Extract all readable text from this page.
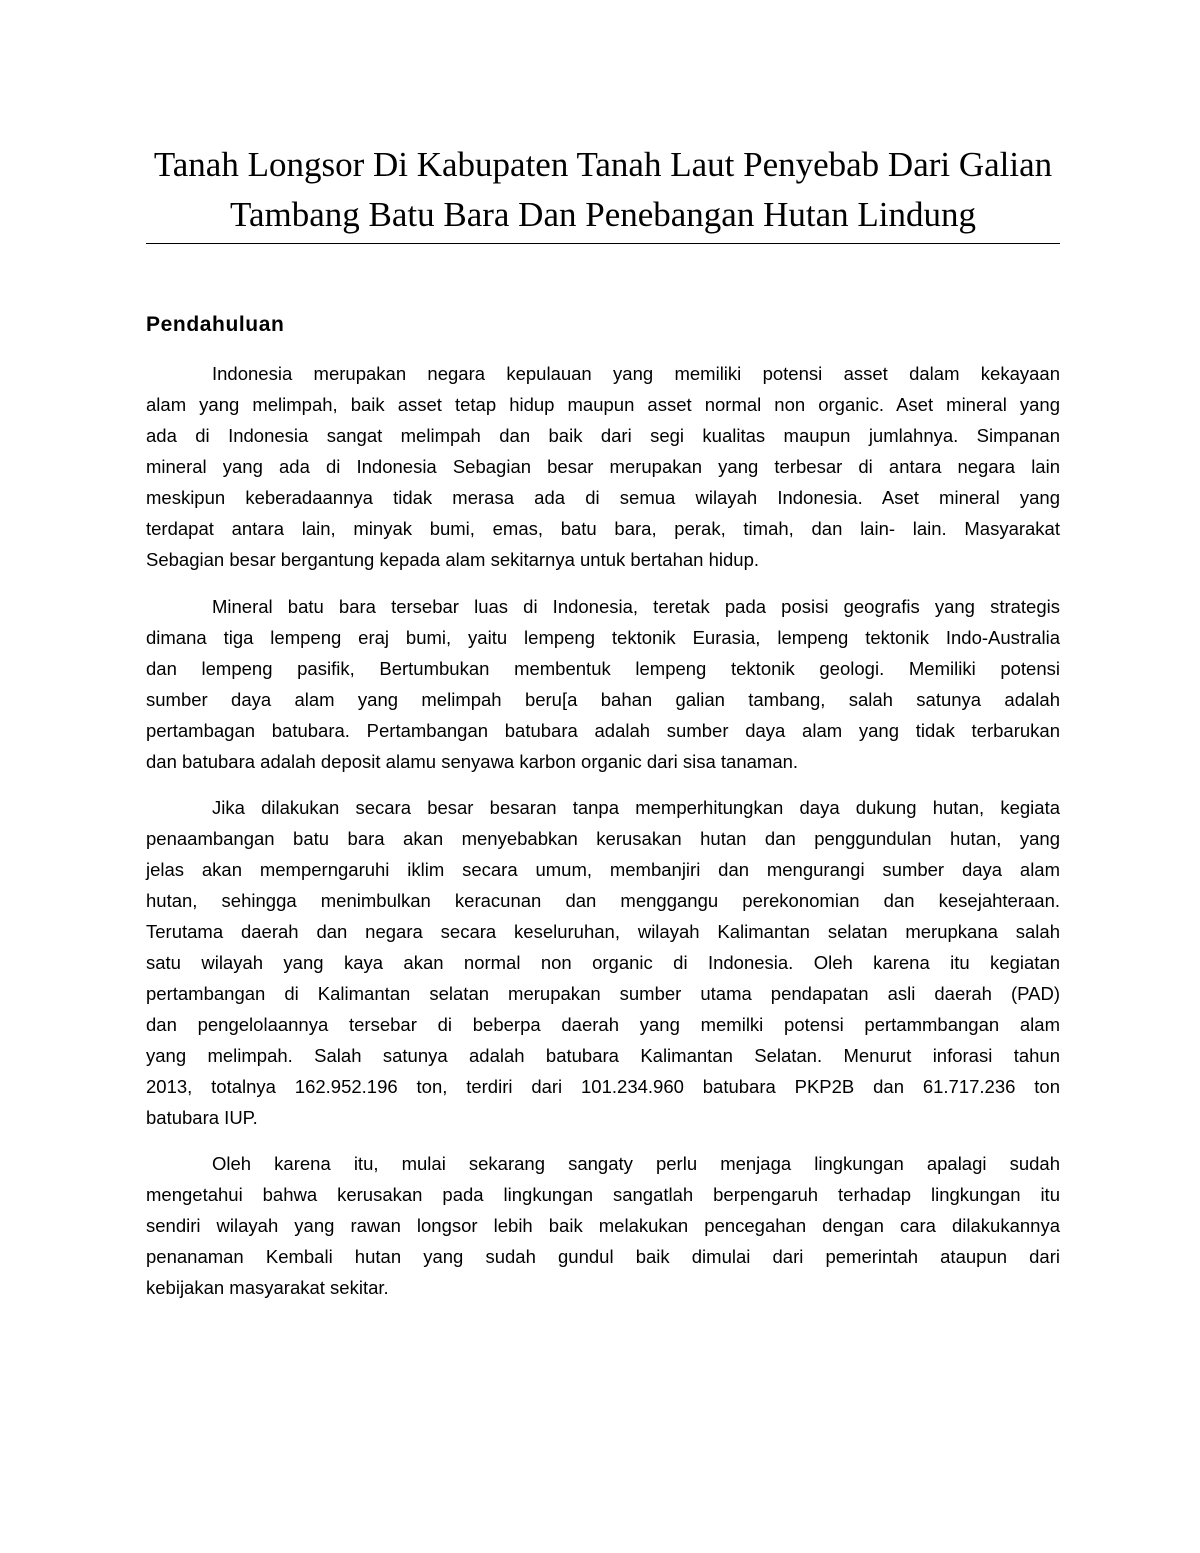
Tanah Longsor Di Kabupaten Tanah Laut Penyebab Dari Galian
Tambang Batu Bara Dan Penebangan Hutan Lindung
Pendahuluan

Indonesia merupakan negara kepulauan yang memiliki potensi asset dalam kekayaan
alam yang melimpah, baik asset tetap hidup maupun asset normal non organic. Aset mineral yang
ada di Indonesia sangat melimpah dan baik dari segi kualitas maupun jumlahnya. Simpanan
mineral yang ada di Indonesia Sebagian besar merupakan yang terbesar di antara negara lain
meskipun keberadaannya tidak merasa ada di semua wilayah Indonesia. Aset mineral yang
terdapat antara lain, minyak bumi, emas, batu bara, perak, timah, dan lain- lain. Masyarakat
Sebagian besar bergantung kepada alam sekitarnya untuk bertahan hidup.

Mineral batu bara tersebar luas di Indonesia, teretak pada posisi geografis yang strategis
dimana tiga lempeng eraj bumi, yaitu lempeng tektonik Eurasia, lempeng tektonik Indo-Australia
dan lempeng pasifik, Bertumbukan membentuk lempeng tektonik geologi. Memiliki potensi
sumber daya alam yang melimpah beru[a bahan galian tambang, salah satunya adalah
pertambagan batubara. Pertambangan batubara adalah sumber daya alam yang tidak terbarukan
dan batubara adalah deposit alamu senyawa karbon organic dari sisa tanaman.

Jika dilakukan secara besar besaran tanpa memperhitungkan daya dukung hutan, kegiata
penaambangan batu bara akan menyebabkan kerusakan hutan dan penggundulan hutan, yang
jelas akan memperngaruhi iklim secara umum, membanjiri dan mengurangi sumber daya alam
hutan, sehingga menimbulkan keracunan dan menggangu perekonomian dan kesejahteraan.
Terutama daerah dan negara secara keseluruhan, wilayah Kalimantan selatan merupkana salah
satu wilayah yang kaya akan normal non organic di Indonesia. Oleh karena itu kegiatan
pertambangan di Kalimantan selatan merupakan sumber utama pendapatan asli daerah (PAD)
dan pengelolaannya tersebar di beberpa daerah yang memilki potensi pertammbangan alam
yang melimpah. Salah satunya adalah batubara Kalimantan Selatan. Menurut inforasi tahun
2013, totalnya 162.952.196 ton, terdiri dari 101.234.960 batubara PKP2B dan 61.717.236 ton
batubara IUP.

Oleh karena itu, mulai sekarang sangaty perlu menjaga lingkungan apalagi sudah
mengetahui bahwa kerusakan pada lingkungan sangatlah berpengaruh terhadap lingkungan itu
sendiri wilayah yang rawan longsor lebih baik melakukan pencegahan dengan cara dilakukannya
penanaman Kembali hutan yang sudah gundul baik dimulai dari pemerintah ataupun dari
kebijakan masyarakat sekitar.
